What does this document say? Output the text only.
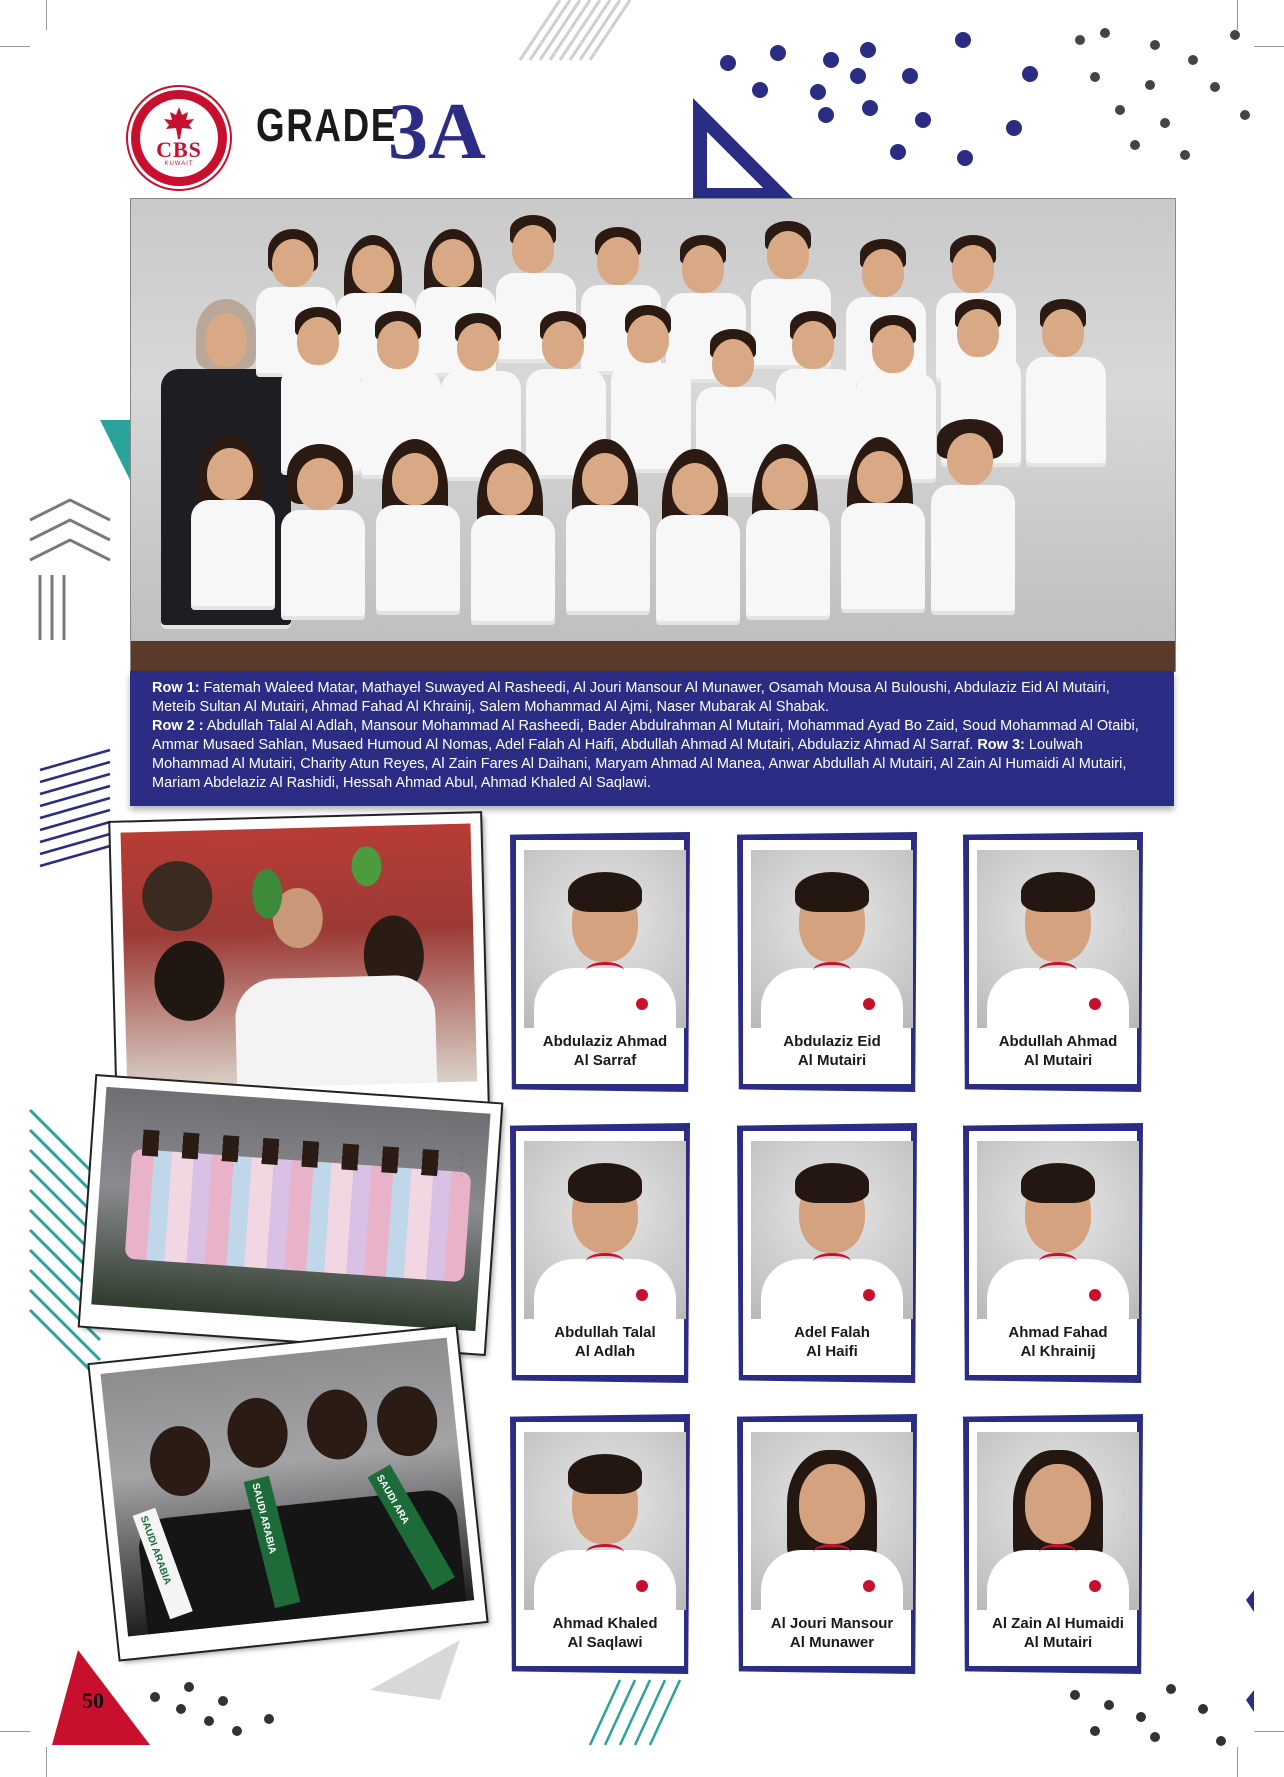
CBS
KUWAIT
GRADE
3A
Row 1: Fatemah Waleed Matar, Mathayel Suwayed Al Rasheedi, Al Jouri Mansour Al Munawer, Osamah Mousa Al Buloushi, Abdulaziz Eid Al Mutairi, Meteib Sultan Al Mutairi, Ahmad Fahad Al Khrainij, Salem Mohammad Al Ajmi, Naser Mubarak Al Shabak.
Row 2 : Abdullah Talal Al Adlah, Mansour Mohammad Al Rasheedi, Bader Abdulrahman Al Mutairi, Mohammad Ayad Bo Zaid, Soud Mohammad Al Otaibi, Ammar Musaed Sahlan, Musaed Humoud Al Nomas, Adel Falah Al Haifi, Abdullah Ahmad Al Mutairi, Abdulaziz Ahmad Al Sarraf. Row 3: Loulwah Mohammad Al Mutairi, Charity Atun Reyes, Al Zain Fares Al Daihani, Maryam Ahmad Al Manea, Anwar Abdullah Al Mutairi, Al Zain Al Humaidi Al Mutairi, Mariam Abdelaziz Al Rashidi, Hessah Ahmad Abul, Ahmad Khaled Al Saqlawi.
SAUDI ARABIA	SAUDI ARABIA	SAUDI ARA
Abdulaziz Ahmad
Al Sarraf
Abdulaziz Eid
Al Mutairi
Abdullah Ahmad
Al Mutairi
Abdullah Talal
Al Adlah
Adel Falah
Al Haifi
Ahmad Fahad
Al Khrainij
Ahmad Khaled
Al Saqlawi
Al Jouri Mansour
Al Munawer
Al Zain Al Humaidi
Al Mutairi
50
